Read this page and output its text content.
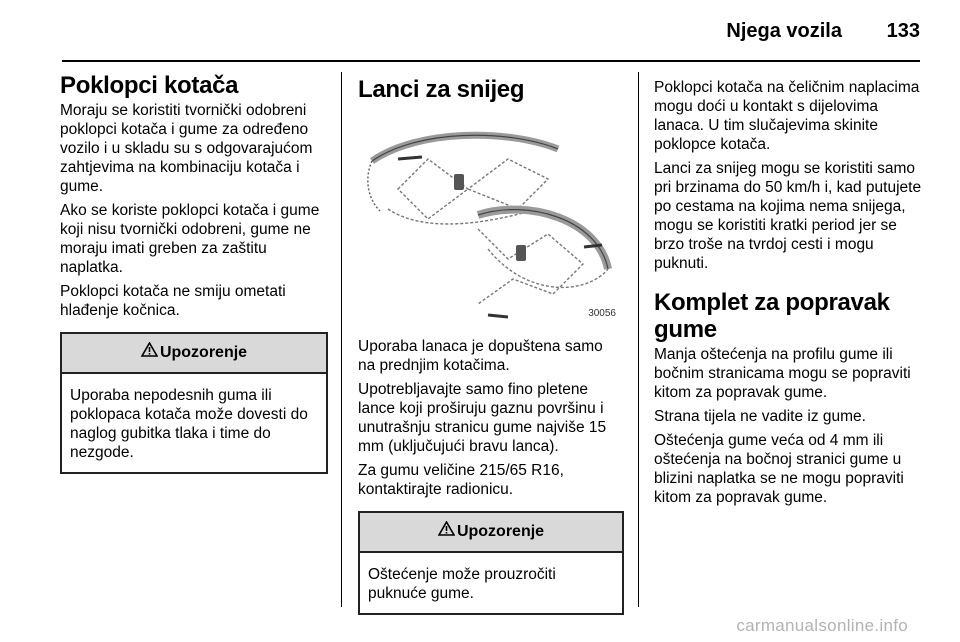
Njega vozila 133
Poklopci kotača

Moraju se koristiti tvornički odobreni poklopci kotača i gume za određeno vozilo i u skladu su s odgovarajućom zahtjevima na kombinaciju kotača i gume.

Ako se koriste poklopci kotača i gume koji nisu tvornički odobreni, gume ne moraju imati greben za zaštitu naplatka.

Poklopci kotača ne smiju ometati hlađenje kočnica.

Upozorenje
Uporaba nepodesnih guma ili poklopaca kotača može dovesti do naglog gubitka tlaka i time do nezgode.
Lanci za snijeg
30056

Uporaba lanaca je dopuštena samo na prednjim kotačima.

Upotrebljavajte samo fino pletene lance koji proširuju gaznu površinu i unutrašnju stranicu gume najviše 15 mm (uključujući bravu lanca).

Za gumu veličine 215/65 R16, kontaktirajte radionicu.

Upozorenje
Oštećenje može prouzročiti puknuće gume.

Poklopci kotača na čeličnim naplacima mogu doći u kontakt s dijelovima lanaca. U tim slučajevima skinite poklopce kotača.

Lanci za snijeg mogu se koristiti samo pri brzinama do 50 km/h i, kad putujete po cestama na kojima nema snijega, mogu se koristiti kratki period jer se brzo troše na tvrdoj cesti i mogu puknuti.

Komplet za popravak gume

Manja oštećenja na profilu gume ili bočnim stranicama mogu se popraviti kitom za popravak gume.

Strana tijela ne vadite iz gume.

Oštećenja gume veća od 4 mm ili oštećenja na bočnoj stranici gume u blizini naplatka se ne mogu popraviti kitom za popravak gume.

carmanualsonline.info
